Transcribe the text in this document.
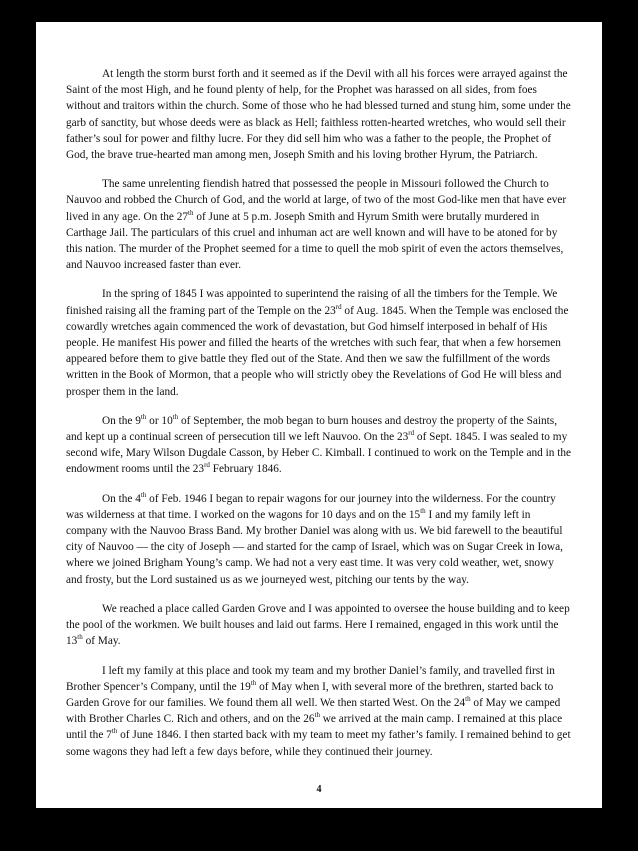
At length the storm burst forth and it seemed as if the Devil with all his forces were arrayed against the Saint of the most High, and he found plenty of help, for the Prophet was harassed on all sides, from foes without and traitors within the church. Some of those who he had blessed turned and stung him, some under the garb of sanctity, but whose deeds were as black as Hell; faithless rotten-hearted wretches, who would sell their father’s soul for power and filthy lucre. For they did sell him who was a father to the people, the Prophet of God, the brave true-hearted man among men, Joseph Smith and his loving brother Hyrum, the Patriarch.

The same unrelenting fiendish hatred that possessed the people in Missouri followed the Church to Nauvoo and robbed the Church of God, and the world at large, of two of the most God-like men that have ever lived in any age. On the 27th of June at 5 p.m. Joseph Smith and Hyrum Smith were brutally murdered in Carthage Jail. The particulars of this cruel and inhuman act are well known and will have to be atoned for by this nation. The murder of the Prophet seemed for a time to quell the mob spirit of even the actors themselves, and Nauvoo increased faster than ever.

In the spring of 1845 I was appointed to superintend the raising of all the timbers for the Temple. We finished raising all the framing part of the Temple on the 23rd of Aug. 1845. When the Temple was enclosed the cowardly wretches again commenced the work of devastation, but God himself interposed in behalf of His people. He manifest His power and filled the hearts of the wretches with such fear, that when a few horsemen appeared before them to give battle they fled out of the State. And then we saw the fulfillment of the words written in the Book of Mormon, that a people who will strictly obey the Revelations of God He will bless and prosper them in the land.

On the 9th or 10th of September, the mob began to burn houses and destroy the property of the Saints, and kept up a continual screen of persecution till we left Nauvoo. On the 23rd of Sept. 1845. I was sealed to my second wife, Mary Wilson Dugdale Casson, by Heber C. Kimball. I continued to work on the Temple and in the endowment rooms until the 23rd February 1846.

On the 4th of Feb. 1946 I began to repair wagons for our journey into the wilderness. For the country was wilderness at that time. I worked on the wagons for 10 days and on the 15th I and my family left in company with the Nauvoo Brass Band. My brother Daniel was along with us. We bid farewell to the beautiful city of Nauvoo — the city of Joseph — and started for the camp of Israel, which was on Sugar Creek in Iowa, where we joined Brigham Young’s camp. We had not a very east time. It was very cold weather, wet, snowy and frosty, but the Lord sustained us as we journeyed west, pitching our tents by the way.

We reached a place called Garden Grove and I was appointed to oversee the house building and to keep the pool of the workmen. We built houses and laid out farms. Here I remained, engaged in this work until the 13th of May.

I left my family at this place and took my team and my brother Daniel’s family, and travelled first in Brother Spencer’s Company, until the 19th of May when I, with several more of the brethren, started back to Garden Grove for our families. We found them all well. We then started West. On the 24th of May we camped with Brother Charles C. Rich and others, and on the 26th we arrived at the main camp. I remained at this place until the 7th of June 1846. I then started back with my team to meet my father’s family. I remained behind to get some wagons they had left a few days before, while they continued their journey.

4
